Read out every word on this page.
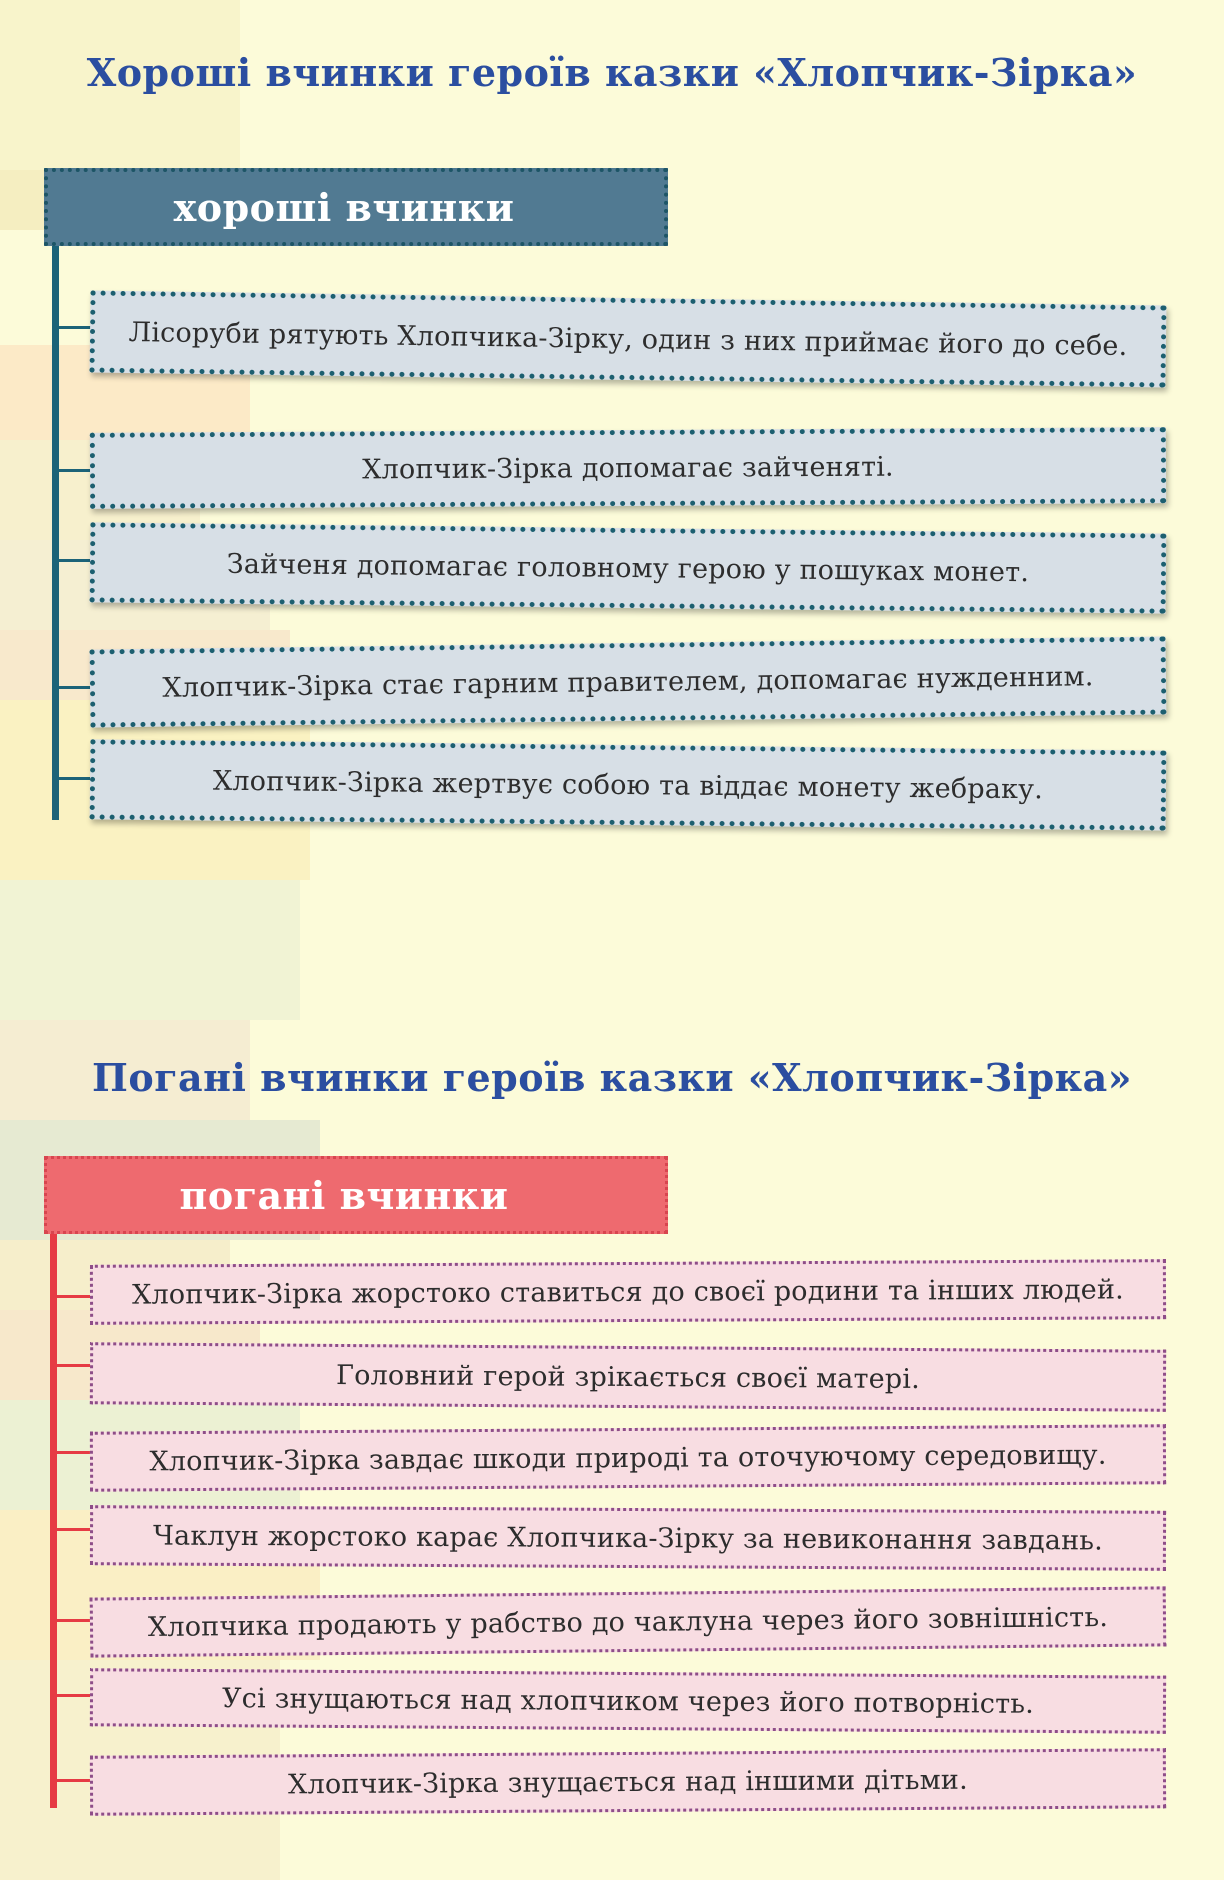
Хороші вчинки героїв казки «Хлопчик-Зірка»
хороші вчинки
Лісоруби рятують Хлопчика-Зірку, один з них приймає його до себе.
Хлопчик-Зірка допомагає зайченяті.
Зайченя допомагає головному герою у пошуках монет.
Хлопчик-Зірка стає гарним правителем, допомагає нужденним.
Хлопчик-Зірка жертвує собою та віддає монету жебраку.
Погані вчинки героїв казки «Хлопчик-Зірка»
погані вчинки
Хлопчик-Зірка жорстоко ставиться до своєї родини та інших людей.
Головний герой зрікається своєї матері.
Хлопчик-Зірка завдає шкоди природі та оточуючому середовищу.
Чаклун жорстоко карає Хлопчика-Зірку за невиконання завдань.
Хлопчика продають у рабство до чаклуна через його зовнішність.
Усі знущаються над хлопчиком через його потворність.
Хлопчик-Зірка знущається над іншими дітьми.
